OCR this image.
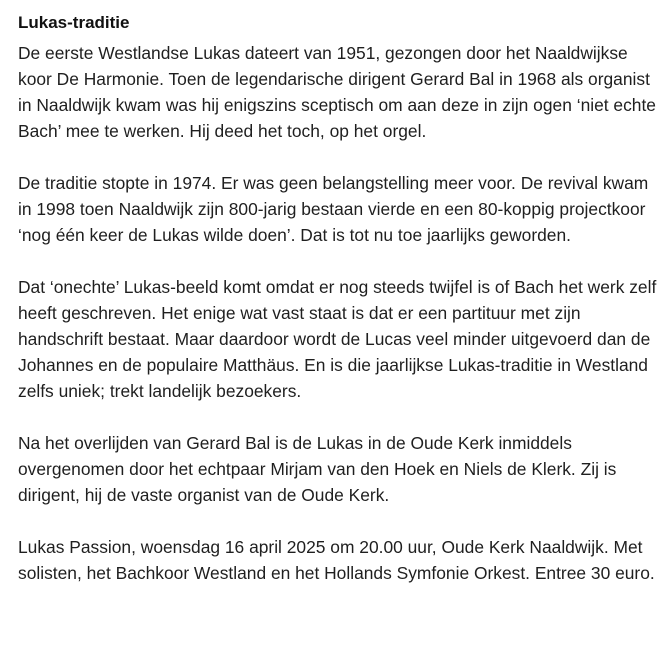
Lukas-traditie

De eerste Westlandse Lukas dateert van 1951, gezongen door het Naaldwijkse koor De Harmonie. Toen de legendarische dirigent Gerard Bal in 1968 als organist in Naaldwijk kwam was hij enigszins sceptisch om aan deze in zijn ogen ‘niet echte Bach’ mee te werken. Hij deed het toch, op het orgel.

De traditie stopte in 1974. Er was geen belangstelling meer voor. De revival kwam in 1998 toen Naaldwijk zijn 800-jarig bestaan vierde en een 80-koppig projectkoor ‘nog één keer de Lukas wilde doen’. Dat is tot nu toe jaarlijks geworden.

Dat ‘onechte’ Lukas-beeld komt omdat er nog steeds twijfel is of Bach het werk zelf heeft geschreven. Het enige wat vast staat is dat er een partituur met zijn handschrift bestaat. Maar daardoor wordt de Lucas veel minder uitgevoerd dan de Johannes en de populaire Matthäus. En is die jaarlijkse Lukas-traditie in Westland zelfs uniek; trekt landelijk bezoekers.

Na het overlijden van Gerard Bal is de Lukas in de Oude Kerk inmiddels overgenomen door het echtpaar Mirjam van den Hoek en Niels de Klerk. Zij is dirigent, hij de vaste organist van de Oude Kerk.

Lukas Passion, woensdag 16 april 2025 om 20.00 uur, Oude Kerk Naaldwijk. Met solisten, het Bachkoor Westland en het Hollands Symfonie Orkest. Entree 30 euro.
